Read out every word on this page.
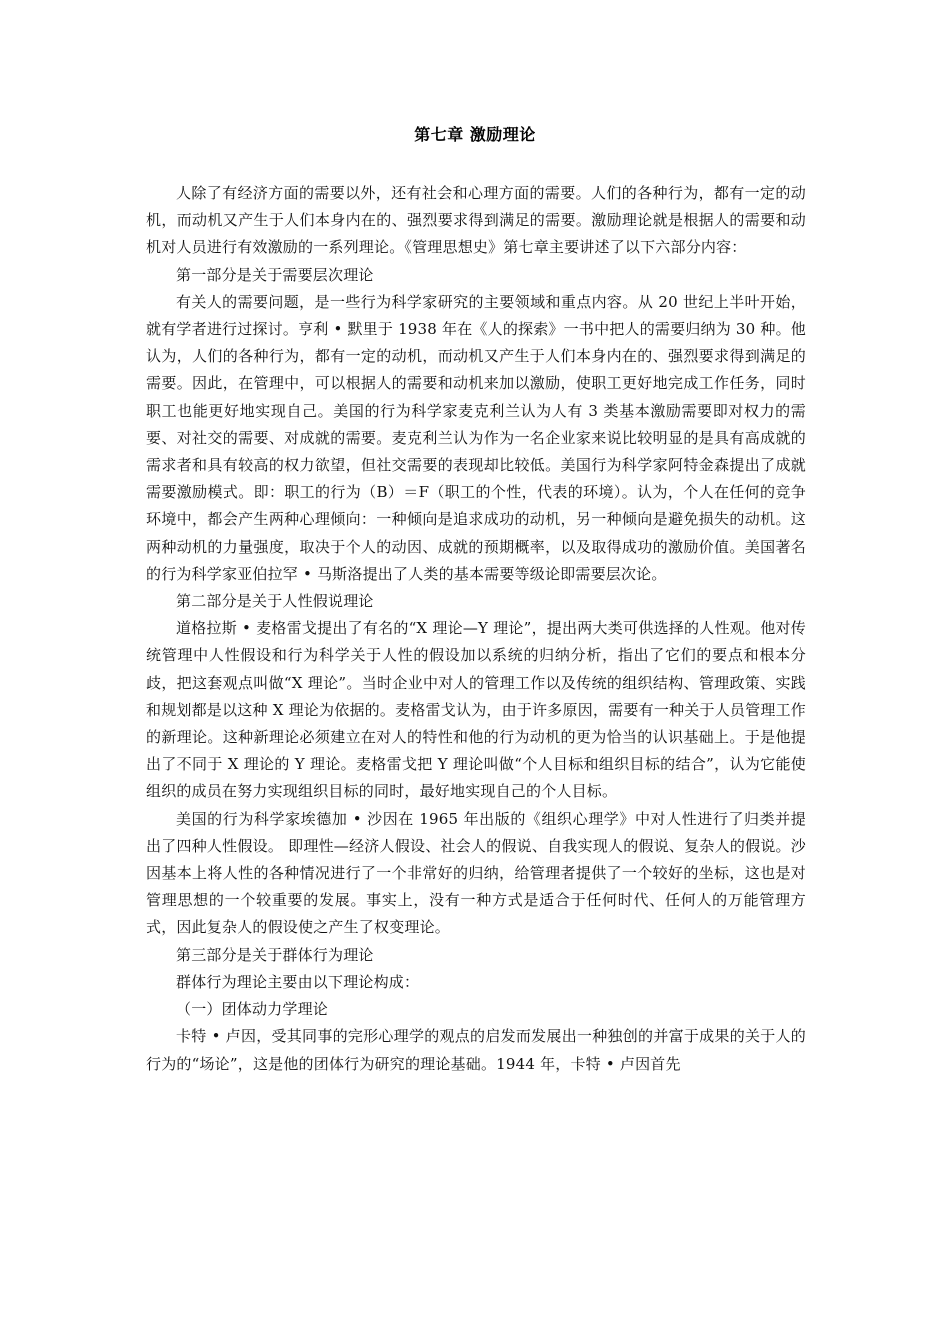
第七章 激励理论

人除了有经济方面的需要以外，还有社会和心理方面的需要。人们的各种行为，都有一定的动机，而动机又产生于人们本身内在的、强烈要求得到满足的需要。激励理论就是根据人的需要和动机对人员进行有效激励的一系列理论。《管理思想史》第七章主要讲述了以下六部分内容：

第一部分是关于需要层次理论

有关人的需要问题，是一些行为科学家研究的主要领域和重点内容。从 20 世纪上半叶开始，就有学者进行过探讨。亨利 • 默里于 1938 年在《人的探索》一书中把人的需要归纳为 30 种。他认为，人们的各种行为，都有一定的动机，而动机又产生于人们本身内在的、强烈要求得到满足的需要。因此，在管理中，可以根据人的需要和动机来加以激励，使职工更好地完成工作任务，同时职工也能更好地实现自己。美国的行为科学家麦克利兰认为人有 3 类基本激励需要即对权力的需要、对社交的需要、对成就的需要。麦克利兰认为作为一名企业家来说比较明显的是具有高成就的需求者和具有较高的权力欲望，但社交需要的表现却比较低。美国行为科学家阿特金森提出了成就需要激励模式。即：职工的行为（B）＝F（职工的个性，代表的环境）。认为，个人在任何的竞争环境中，都会产生两种心理倾向：一种倾向是追求成功的动机，另一种倾向是避免损失的动机。这两种动机的力量强度，取决于个人的动因、成就的预期概率，以及取得成功的激励价值。美国著名的行为科学家亚伯拉罕 • 马斯洛提出了人类的基本需要等级论即需要层次论。

第二部分是关于人性假说理论

道格拉斯 • 麦格雷戈提出了有名的“X 理论—Y 理论”，提出两大类可供选择的人性观。他对传统管理中人性假设和行为科学关于人性的假设加以系统的归纳分析，指出了它们的要点和根本分歧，把这套观点叫做“X 理论”。当时企业中对人的管理工作以及传统的组织结构、管理政策、实践和规划都是以这种 X 理论为依据的。麦格雷戈认为，由于许多原因，需要有一种关于人员管理工作的新理论。这种新理论必须建立在对人的特性和他的行为动机的更为恰当的认识基础上。于是他提出了不同于 X 理论的 Y 理论。麦格雷戈把 Y 理论叫做“个人目标和组织目标的结合”，认为它能使组织的成员在努力实现组织目标的同时，最好地实现自己的个人目标。

美国的行为科学家埃德加 • 沙因在 1965 年出版的《组织心理学》中对人性进行了归类并提出了四种人性假设。 即理性—经济人假设、社会人的假说、自我实现人的假说、复杂人的假说。沙因基本上将人性的各种情况进行了一个非常好的归纳，给管理者提供了一个较好的坐标，这也是对管理思想的一个较重要的发展。事实上，没有一种方式是适合于任何时代、任何人的万能管理方式，因此复杂人的假设使之产生了权变理论。

第三部分是关于群体行为理论

群体行为理论主要由以下理论构成：

（一）团体动力学理论

卡特 • 卢因，受其同事的完形心理学的观点的启发而发展出一种独创的并富于成果的关于人的行为的“场论”，这是他的团体行为研究的理论基础。1944 年，卡特 • 卢因首先
